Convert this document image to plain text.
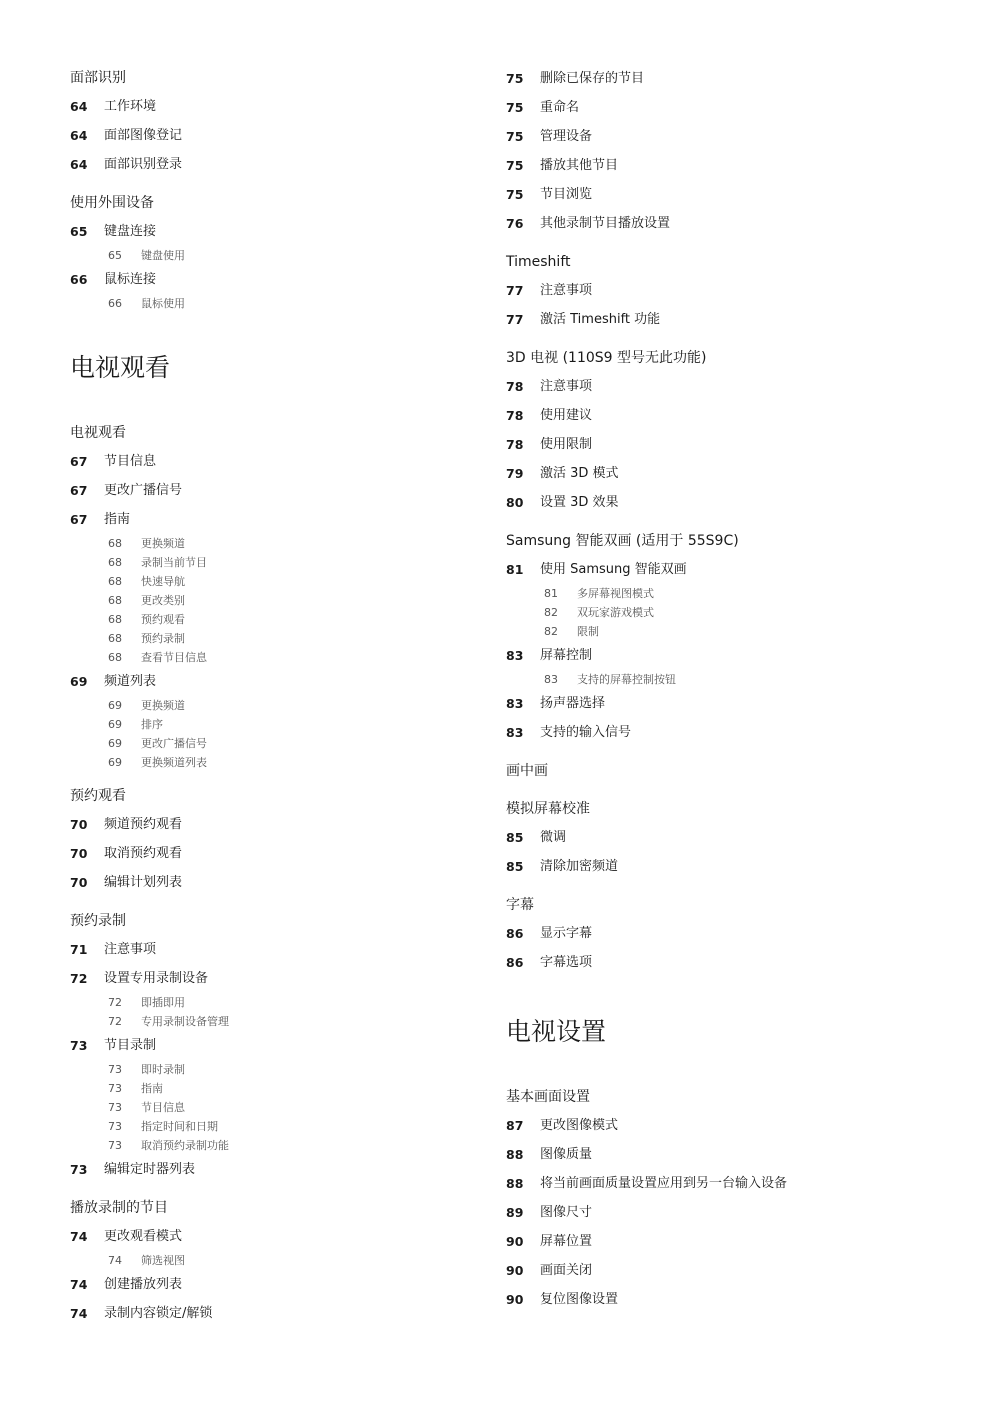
面部识别
64 工作环境
64 面部图像登记
64 面部识别登录
使用外围设备
65 键盘连接
65 键盘使用
66 鼠标连接
66 鼠标使用
电视观看
电视观看
67 节目信息
67 更改广播信号
67 指南
68 更换频道
68 录制当前节目
68 快速导航
68 更改类别
68 预约观看
68 预约录制
68 查看节目信息
69 频道列表
69 更换频道
69 排序
69 更改广播信号
69 更换频道列表
预约观看
70 频道预约观看
70 取消预约观看
70 编辑计划列表
预约录制
71 注意事项
72 设置专用录制设备
72 即插即用
72 专用录制设备管理
73 节目录制
73 即时录制
73 指南
73 节目信息
73 指定时间和日期
73 取消预约录制功能
73 编辑定时器列表
播放录制的节目
74 更改观看模式
74 筛选视图
74 创建播放列表
74 录制内容锁定/解锁
75 删除已保存的节目
75 重命名
75 管理设备
75 播放其他节目
75 节目浏览
76 其他录制节目播放设置
Timeshift
77 注意事项
77 激活 Timeshift 功能
3D 电视 (110S9 型号无此功能)
78 注意事项
78 使用建议
78 使用限制
79 激活 3D 模式
80 设置 3D 效果
Samsung 智能双画 (适用于 55S9C)
81 使用 Samsung 智能双画
81 多屏幕视图模式
82 双玩家游戏模式
82 限制
83 屏幕控制
83 支持的屏幕控制按钮
83 扬声器选择
83 支持的输入信号
画中画
模拟屏幕校准
85 微调
85 清除加密频道
字幕
86 显示字幕
86 字幕选项
电视设置
基本画面设置
87 更改图像模式
88 图像质量
88 将当前画面质量设置应用到另一台输入设备
89 图像尺寸
90 屏幕位置
90 画面关闭
90 复位图像设置
